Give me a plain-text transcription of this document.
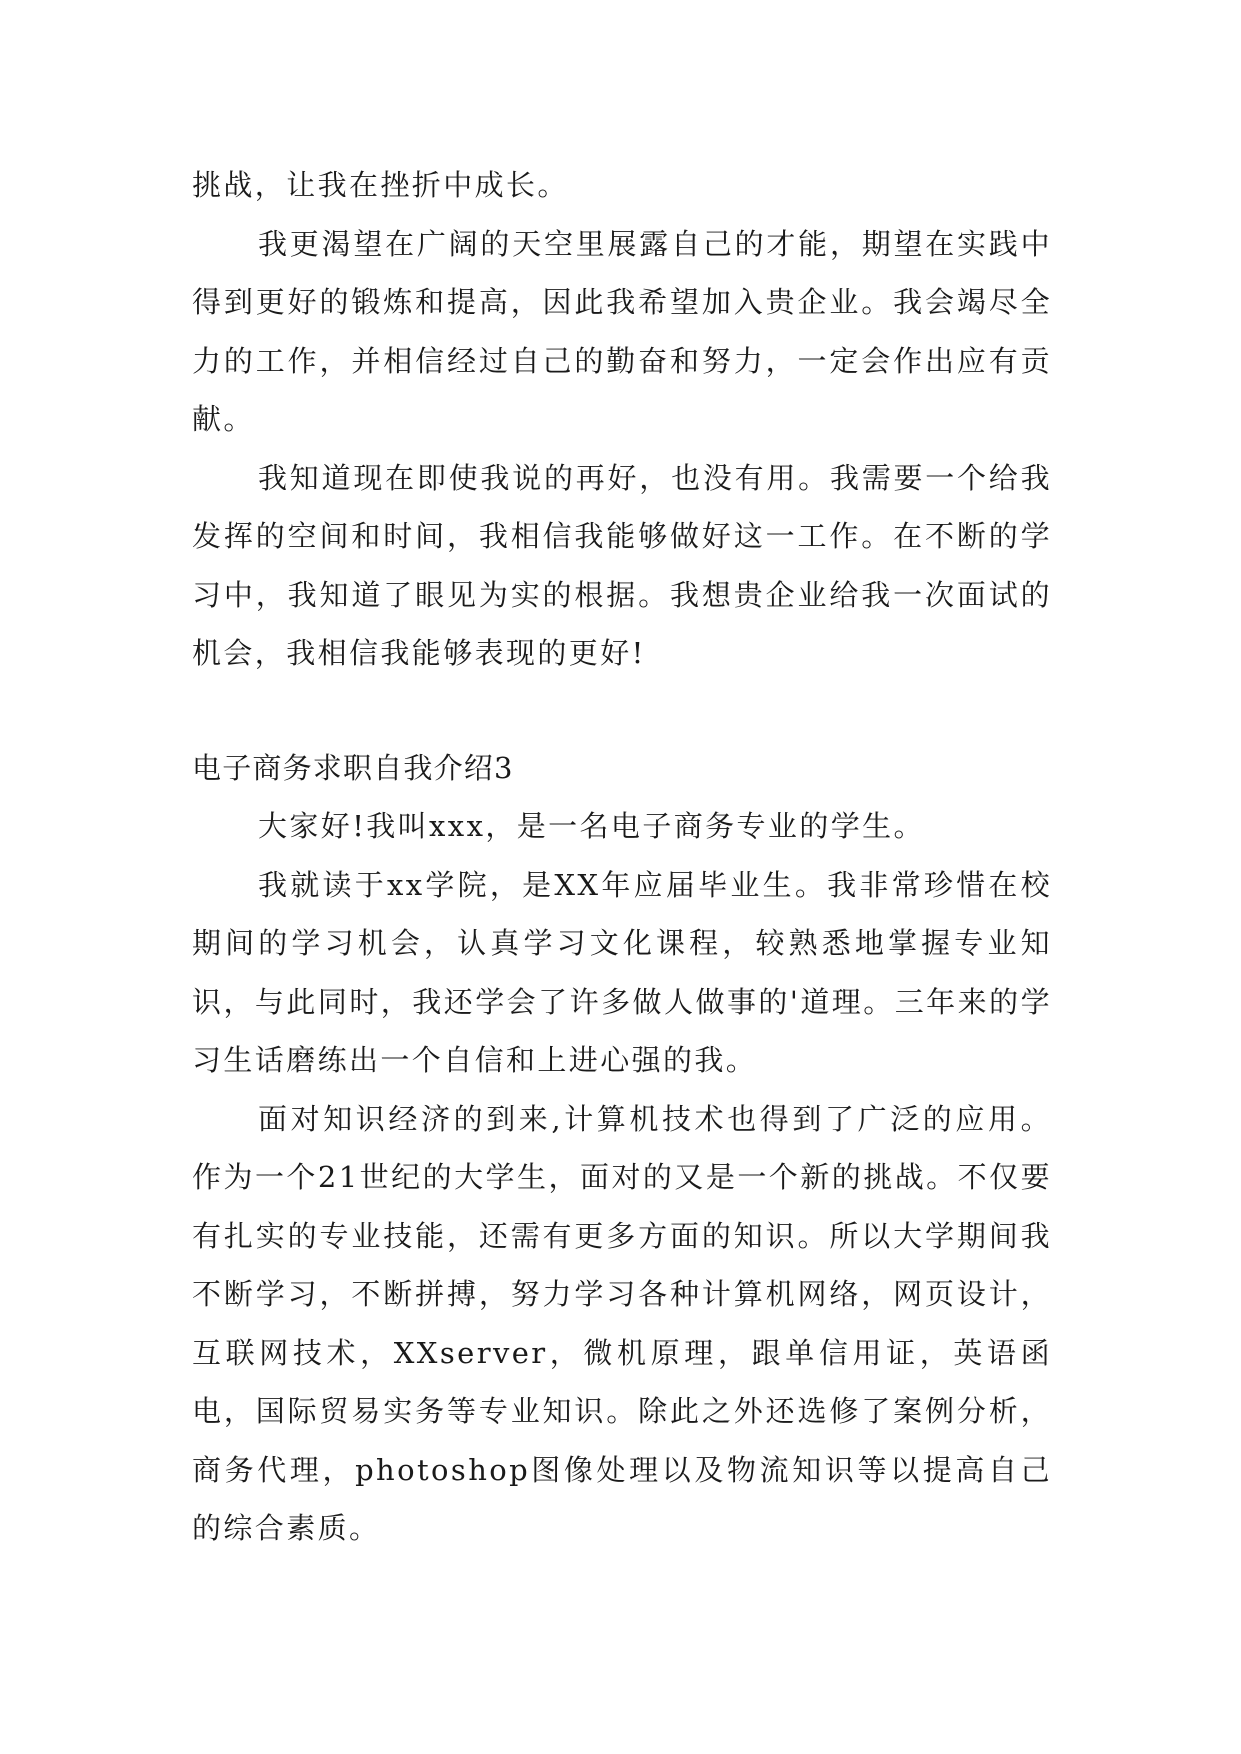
挑战，让我在挫折中成长。

我更渴望在广阔的天空里展露自己的才能，期望在实践中得到更好的锻炼和提高，因此我希望加入贵企业。我会竭尽全力的工作，并相信经过自己的勤奋和努力，一定会作出应有贡献。

我知道现在即使我说的再好，也没有用。我需要一个给我发挥的空间和时间，我相信我能够做好这一工作。在不断的学习中，我知道了眼见为实的根据。我想贵企业给我一次面试的机会，我相信我能够表现的更好!

电子商务求职自我介绍3

大家好!我叫xxx，是一名电子商务专业的学生。

我就读于xx学院，是XX年应届毕业生。我非常珍惜在校期间的学习机会，认真学习文化课程，较熟悉地掌握专业知识，与此同时，我还学会了许多做人做事的'道理。三年来的学习生话磨练出一个自信和上进心强的我。

面对知识经济的到来,计算机技术也得到了广泛的应用。作为一个21世纪的大学生，面对的又是一个新的挑战。不仅要有扎实的专业技能，还需有更多方面的知识。所以大学期间我不断学习，不断拼搏，努力学习各种计算机网络，网页设计，互联网技术，XXserver，微机原理，跟单信用证，英语函电，国际贸易实务等专业知识。除此之外还选修了案例分析，商务代理，photoshop图像处理以及物流知识等以提高自己的综合素质。
